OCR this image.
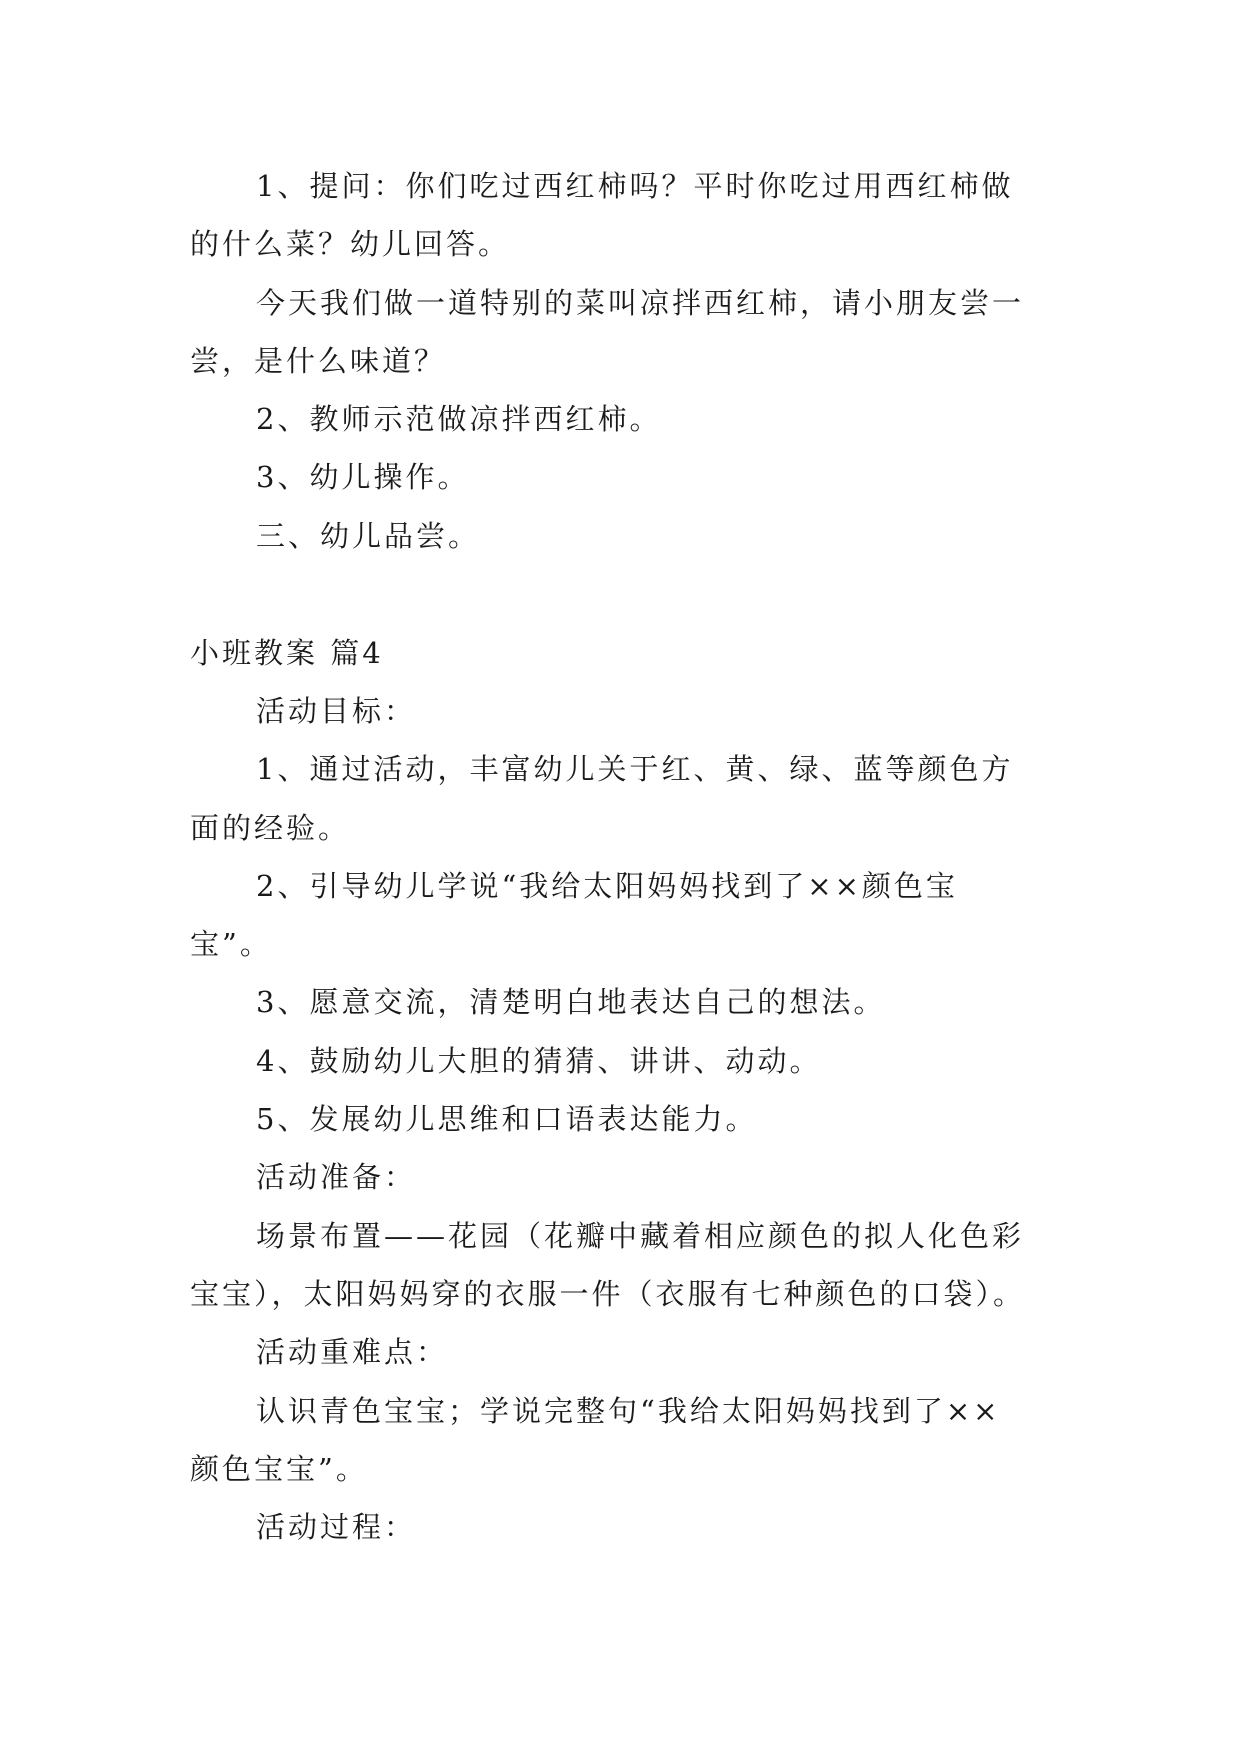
1、提问：你们吃过西红柿吗？平时你吃过用西红柿做
的什么菜？幼儿回答。
今天我们做一道特别的菜叫凉拌西红柿，请小朋友尝一
尝，是什么味道？
2、教师示范做凉拌西红柿。
3、幼儿操作。
三、幼儿品尝。
小班教案 篇4
活动目标：
1、通过活动，丰富幼儿关于红、黄、绿、蓝等颜色方
面的经验。
2、引导幼儿学说“我给太阳妈妈找到了××颜色宝
宝”。
3、愿意交流，清楚明白地表达自己的想法。
4、鼓励幼儿大胆的猜猜、讲讲、动动。
5、发展幼儿思维和口语表达能力。
活动准备：
场景布置——花园（花瓣中藏着相应颜色的拟人化色彩
宝宝），太阳妈妈穿的衣服一件（衣服有七种颜色的口袋）。
活动重难点：
认识青色宝宝；学说完整句“我给太阳妈妈找到了××
颜色宝宝”。
活动过程：
